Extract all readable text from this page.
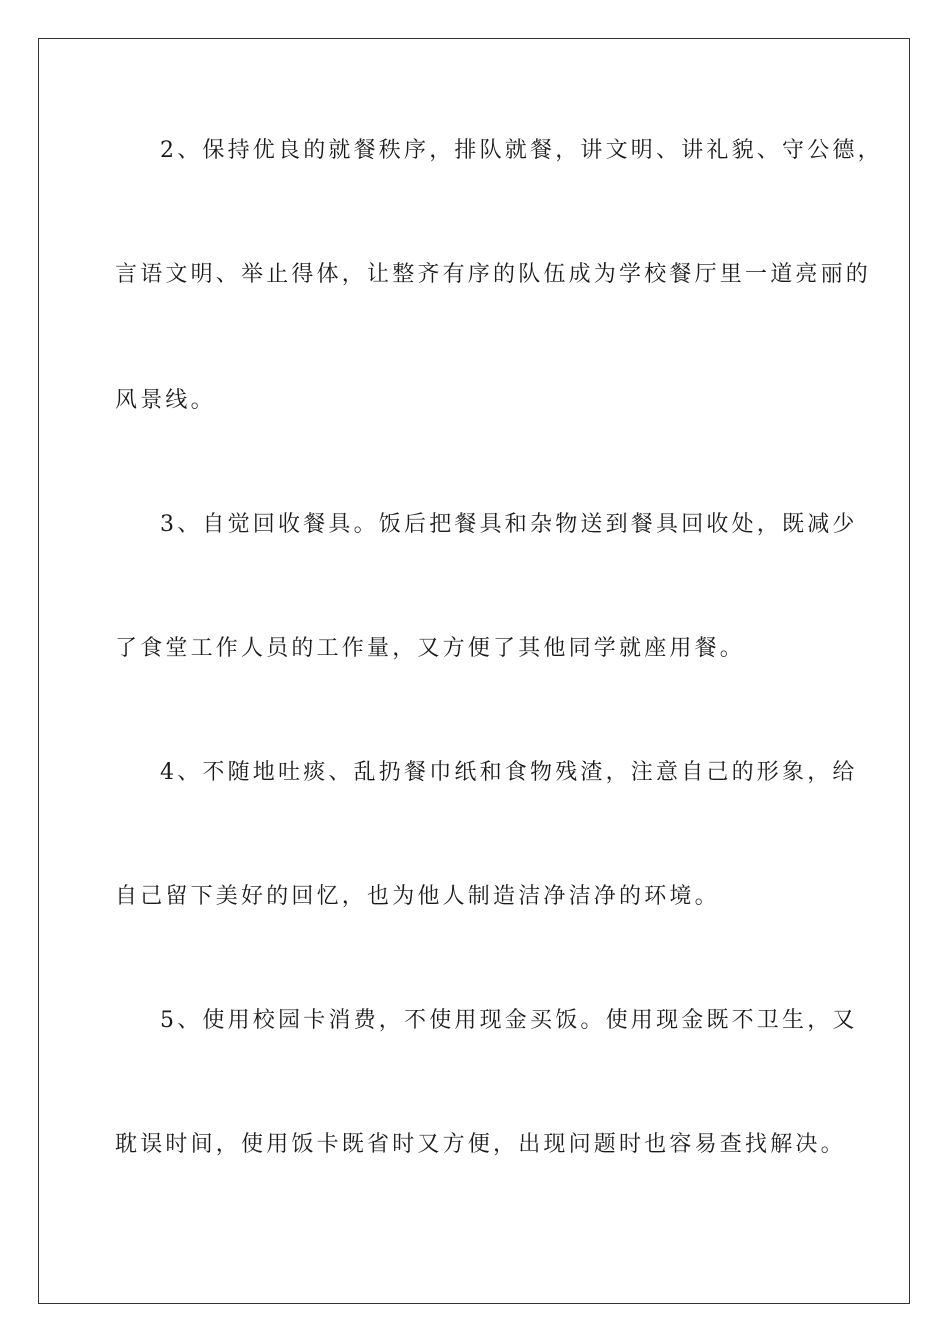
2、保持优良的就餐秩序，排队就餐，讲文明、讲礼貌、守公德，
言语文明、举止得体，让整齐有序的队伍成为学校餐厅里一道亮丽的
风景线。
3、自觉回收餐具。饭后把餐具和杂物送到餐具回收处，既减少
了食堂工作人员的工作量，又方便了其他同学就座用餐。
4、不随地吐痰、乱扔餐巾纸和食物残渣，注意自己的形象，给
自己留下美好的回忆，也为他人制造洁净洁净的环境。
5、使用校园卡消费，不使用现金买饭。使用现金既不卫生，又
耽误时间，使用饭卡既省时又方便，出现问题时也容易查找解决。
